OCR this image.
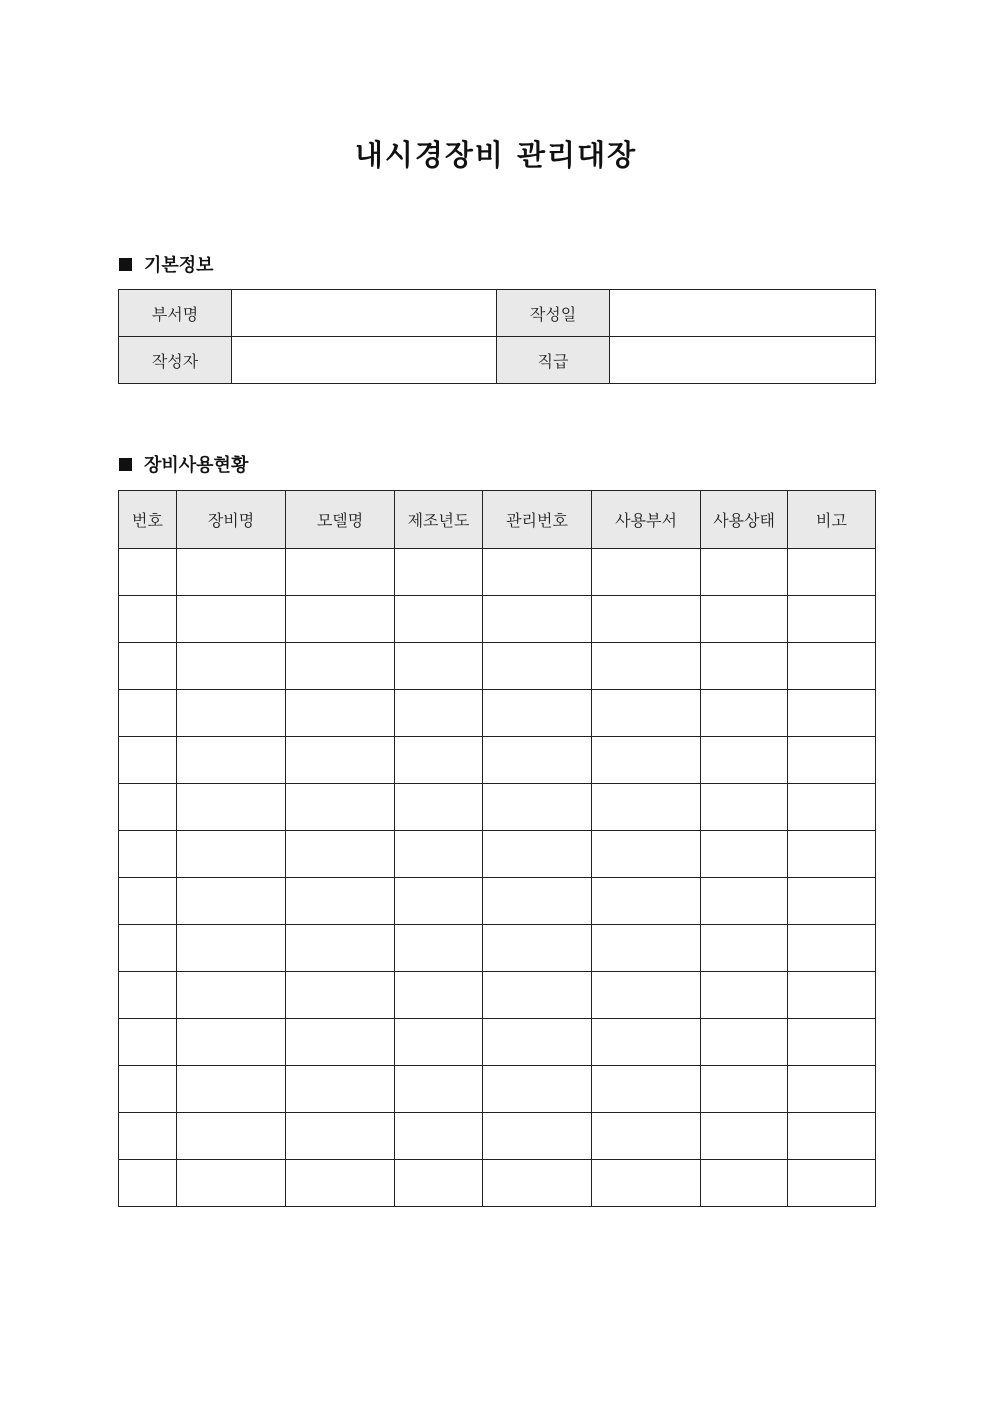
내시경장비 관리대장
기본정보
부서명		작성일	
작성자		직급	
장비사용현황
번호	장비명	모델명	제조년도	관리번호	사용부서	사용상태	비고
